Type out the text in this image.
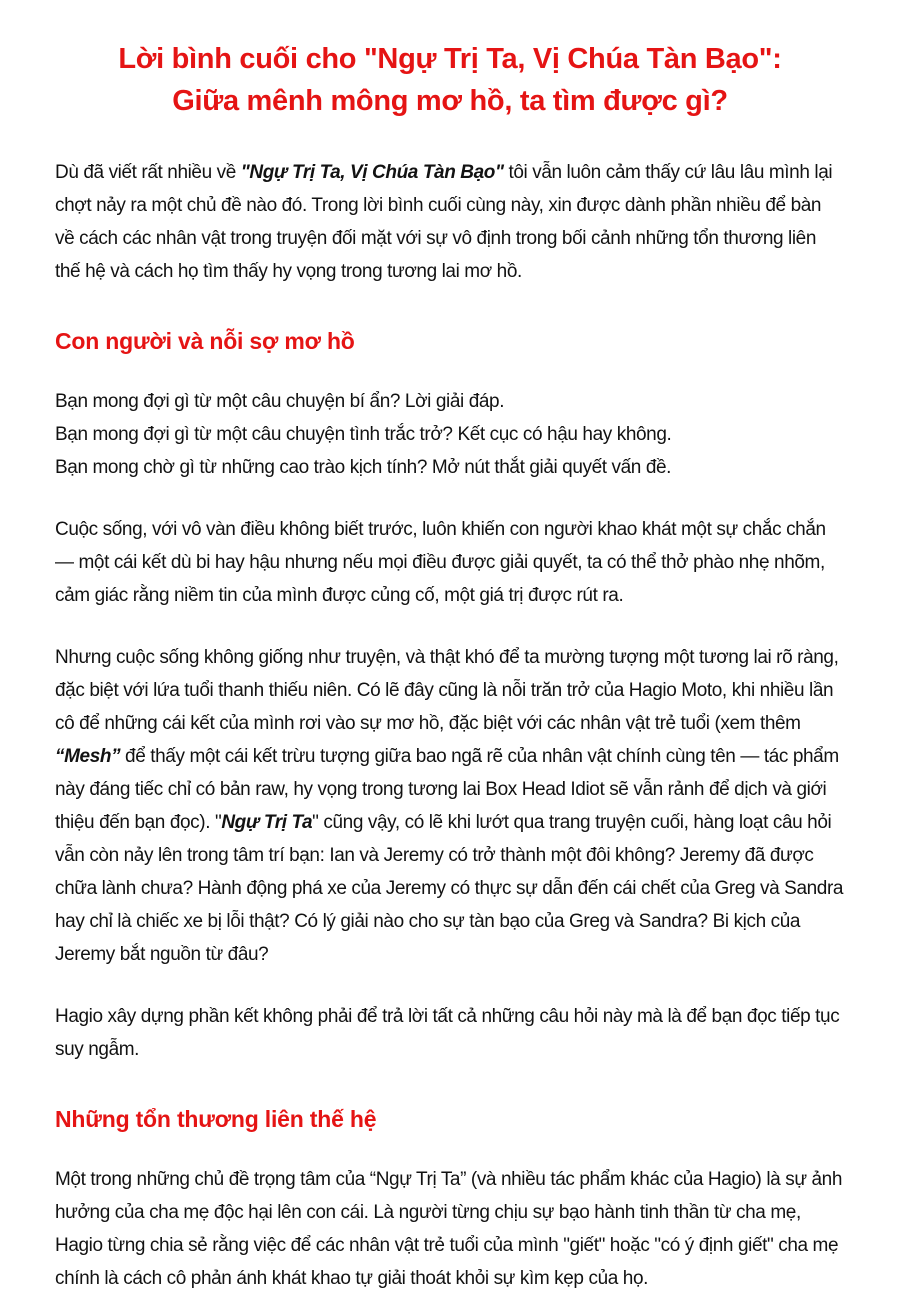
Lời bình cuối cho "Ngự Trị Ta, Vị Chúa Tàn Bạo":
Giữa mênh mông mơ hồ, ta tìm được gì?

Dù đã viết rất nhiều về "Ngự Trị Ta, Vị Chúa Tàn Bạo" tôi vẫn luôn cảm thấy cứ lâu lâu mình lại chợt nảy ra một chủ đề nào đó. Trong lời bình cuối cùng này, xin được dành phần nhiều để bàn về cách các nhân vật trong truyện đối mặt với sự vô định trong bối cảnh những tổn thương liên thế hệ và cách họ tìm thấy hy vọng trong tương lai mơ hồ.

Con người và nỗi sợ mơ hồ
Bạn mong đợi gì từ một câu chuyện bí ẩn? Lời giải đáp.
Bạn mong đợi gì từ một câu chuyện tình trắc trở? Kết cục có hậu hay không.
Bạn mong chờ gì từ những cao trào kịch tính? Mở nút thắt giải quyết vấn đề.

Cuộc sống, với vô vàn điều không biết trước, luôn khiến con người khao khát một sự chắc chắn — một cái kết dù bi hay hậu nhưng nếu mọi điều được giải quyết, ta có thể thở phào nhẹ nhõm, cảm giác rằng niềm tin của mình được củng cố, một giá trị được rút ra.

Nhưng cuộc sống không giống như truyện, và thật khó để ta mường tượng một tương lai rõ ràng, đặc biệt với lứa tuổi thanh thiếu niên. Có lẽ đây cũng là nỗi trăn trở của Hagio Moto, khi nhiều lần cô để những cái kết của mình rơi vào sự mơ hồ, đặc biệt với các nhân vật trẻ tuổi (xem thêm “Mesh” để thấy một cái kết trừu tượng giữa bao ngã rẽ của nhân vật chính cùng tên — tác phẩm này đáng tiếc chỉ có bản raw, hy vọng trong tương lai Box Head Idiot sẽ vẫn rảnh để dịch và giới thiệu đến bạn đọc). "Ngự Trị Ta" cũng vậy, có lẽ khi lướt qua trang truyện cuối, hàng loạt câu hỏi vẫn còn nảy lên trong tâm trí bạn: Ian và Jeremy có trở thành một đôi không? Jeremy đã được chữa lành chưa? Hành động phá xe của Jeremy có thực sự dẫn đến cái chết của Greg và Sandra hay chỉ là chiếc xe bị lỗi thật? Có lý giải nào cho sự tàn bạo của Greg và Sandra? Bi kịch của Jeremy bắt nguồn từ đâu?

Hagio xây dựng phần kết không phải để trả lời tất cả những câu hỏi này mà là để bạn đọc tiếp tục suy ngẫm.

Những tổn thương liên thế hệ

Một trong những chủ đề trọng tâm của “Ngự Trị Ta” (và nhiều tác phẩm khác của Hagio) là sự ảnh hưởng của cha mẹ độc hại lên con cái. Là người từng chịu sự bạo hành tinh thần từ cha mẹ, Hagio từng chia sẻ rằng việc để các nhân vật trẻ tuổi của mình "giết" hoặc "có ý định giết" cha mẹ chính là cách cô phản ánh khát khao tự giải thoát khỏi sự kìm kẹp của họ.
